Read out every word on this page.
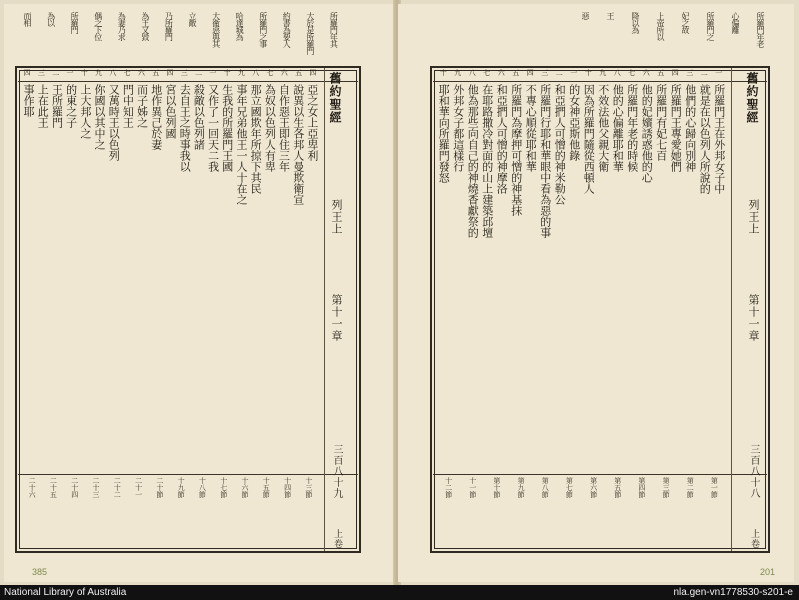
所羅門年其
大於是所羅門
約書為要人
所羅門之事
哈達城為
大衛惡與其
立敵
乃所羅門
為王又毀
為妻乃求
偶之下位
所羅門
為以
而相
四	三	二	一	十	九	八	七	六	五	四	三	二	一	十	九	八	七	六	五	四
亞之女上亞卑利
說異以生各邦人曼欺衛宣
自作惡王即住三年
為奴以色列人有卑
那立國欺年所掠下其民
事年兄弟他王一人十在之
生我的所羅門王國
又作了一回天二我
殺敵以色列諸
去自王之時事我以
宮以色列國
地作異己於妻
而子姊之
門中知王
又萬時王以色列
你國以其中之
上大邦人之
的東之子
王所羅門
上在此王
事作耶
十三節
十四節
十五節
十六節
十七節
十八節
十九節
二十節
二十一
二十二
二十三
二十四
二十五
二十六
舊約聖經
列王上
第十一章
三百八十九
上卷
385
所羅門年老
心偏離
所羅門之
妃之故
上帝所以
降以為
王
惡
十	九	八	七	六	五	四	三	二	一	十	九	八	七	六	五	四	三	二	一
所羅門王在外邦女子中
就是在以色列人所說的
他們的心歸向別神
所羅門王專愛她們
所羅門有妃七百
他的妃嬪誘惑他的心
所羅門年老的時候
他的心偏離耶和華
不效法他父親大衛
因為所羅門隨從西頓人
的女神亞斯他錄
和亞捫人可憎的神米勒公
所羅門行耶和華眼中看為惡的事
不專心順從耶和華
所羅門為摩押可憎的神基抹
和亞捫人可憎的神摩洛
在耶路撒冷對面的山上建築邱壇
他為那些向自己的神燒香獻祭的
外邦女子都這樣行
耶和華向所羅門發怒
第一節
第二節
第三節
第四節
第五節
第六節
第七節
第八節
第九節
第十節
十一節
十二節
舊約聖經
列王上
第十一章
三百八十八
上卷
201
National Library of Australia	nla.gen-vn1778530-s201-e
